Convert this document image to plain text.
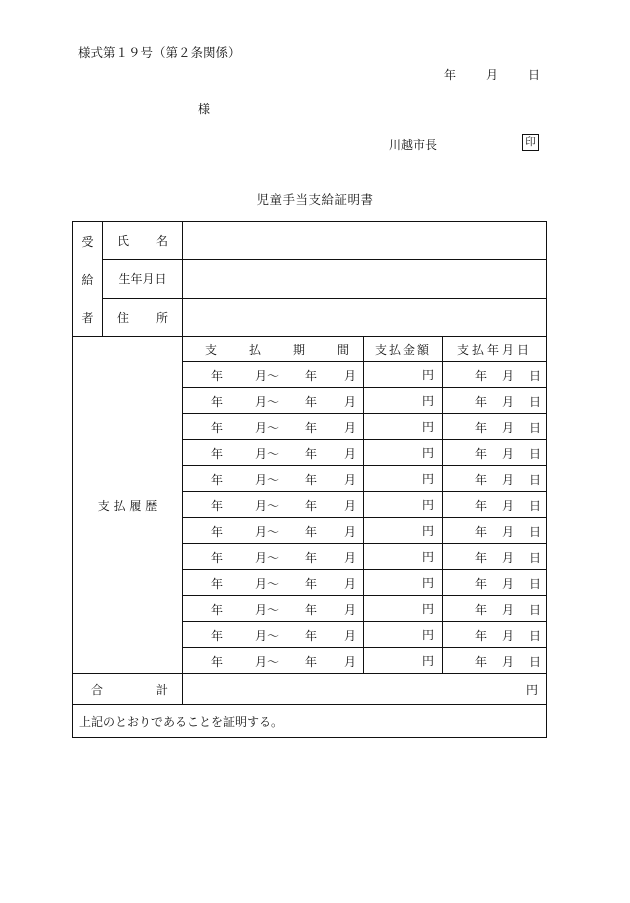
様式第１９号（第２条関係）
年 月 日
様
川越市長	印
児童手当支給証明書
受
給
者	氏 名			

	生年月日			

	住 所			

支 払 履 歴		支 払 期 間	支払金額	支払年月日

		年 月〜 年 月	円	年 月 日

		年 月〜 年 月	円	年 月 日

		年 月〜 年 月	円	年 月 日

		年 月〜 年 月	円	年 月 日

		年 月〜 年 月	円	年 月 日

		年 月〜 年 月	円	年 月 日

		年 月〜 年 月	円	年 月 日

		年 月〜 年 月	円	年 月 日

		年 月〜 年 月	円	年 月 日

		年 月〜 年 月	円	年 月 日

		年 月〜 年 月	円	年 月 日

		年 月〜 年 月	円	年 月 日

合 計		円		

上記のとおりであることを証明する。				
